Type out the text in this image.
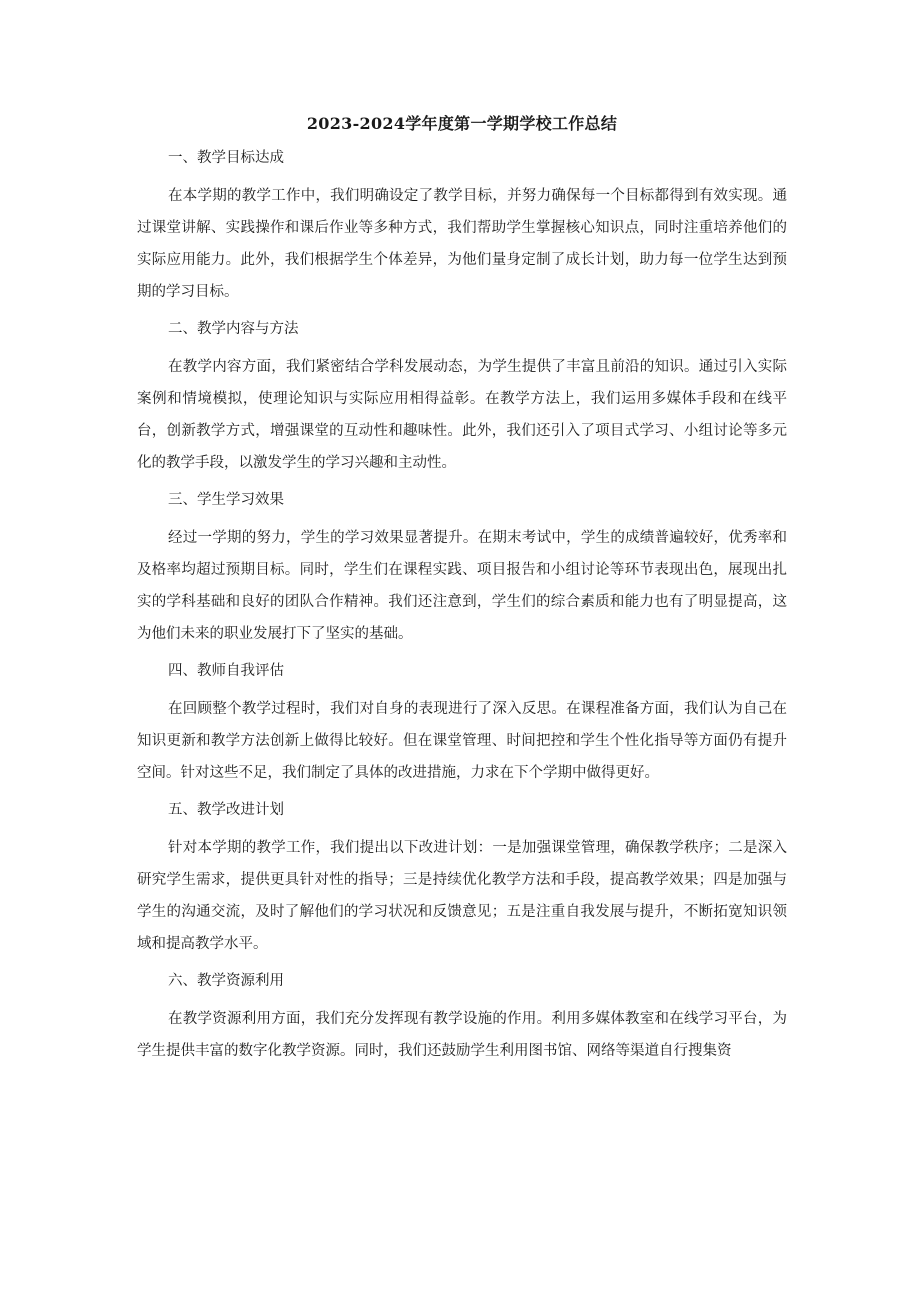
2023-2024学年度第一学期学校工作总结

一、教学目标达成

在本学期的教学工作中，我们明确设定了教学目标，并努力确保每一个目标都得到有效实现。通过课堂讲解、实践操作和课后作业等多种方式，我们帮助学生掌握核心知识点，同时注重培养他们的实际应用能力。此外，我们根据学生个体差异，为他们量身定制了成长计划，助力每一位学生达到预期的学习目标。

二、教学内容与方法

在教学内容方面，我们紧密结合学科发展动态，为学生提供了丰富且前沿的知识。通过引入实际案例和情境模拟，使理论知识与实际应用相得益彰。在教学方法上，我们运用多媒体手段和在线平台，创新教学方式，增强课堂的互动性和趣味性。此外，我们还引入了项目式学习、小组讨论等多元化的教学手段，以激发学生的学习兴趣和主动性。

三、学生学习效果

经过一学期的努力，学生的学习效果显著提升。在期末考试中，学生的成绩普遍较好，优秀率和及格率均超过预期目标。同时，学生们在课程实践、项目报告和小组讨论等环节表现出色，展现出扎实的学科基础和良好的团队合作精神。我们还注意到，学生们的综合素质和能力也有了明显提高，这为他们未来的职业发展打下了坚实的基础。

四、教师自我评估

在回顾整个教学过程时，我们对自身的表现进行了深入反思。在课程准备方面，我们认为自己在知识更新和教学方法创新上做得比较好。但在课堂管理、时间把控和学生个性化指导等方面仍有提升空间。针对这些不足，我们制定了具体的改进措施，力求在下个学期中做得更好。

五、教学改进计划

针对本学期的教学工作，我们提出以下改进计划：一是加强课堂管理，确保教学秩序；二是深入研究学生需求，提供更具针对性的指导；三是持续优化教学方法和手段，提高教学效果；四是加强与学生的沟通交流，及时了解他们的学习状况和反馈意见；五是注重自我发展与提升，不断拓宽知识领域和提高教学水平。

六、教学资源利用

在教学资源利用方面，我们充分发挥现有教学设施的作用。利用多媒体教室和在线学习平台，为学生提供丰富的数字化教学资源。同时，我们还鼓励学生利用图书馆、网络等渠道自行搜集资
